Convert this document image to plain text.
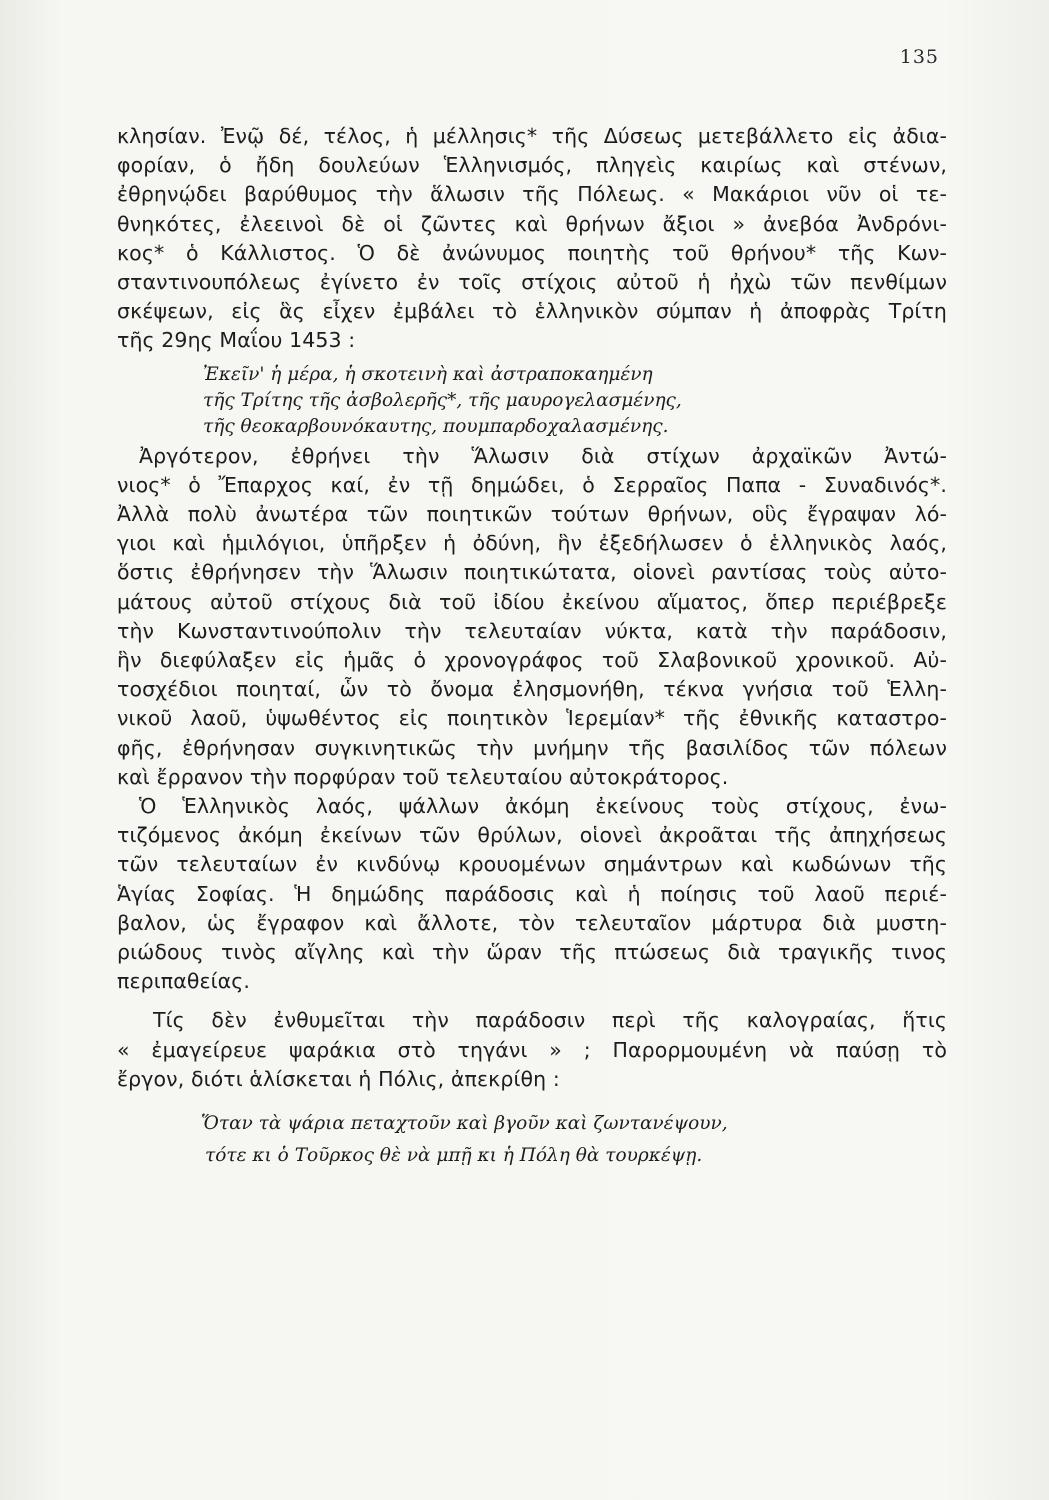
135
κλησίαν. Ἐνῷ δέ, τέλος, ἡ μέλλησις* τῆς Δύσεως μετεβάλλετο εἰς ἀδια-
φορίαν, ὁ ἤδη δουλεύων Ἑλληνισμός, πληγεὶς καιρίως καὶ στένων,
ἐθρηνῴδει βαρύθυμος τὴν ἅλωσιν τῆς Πόλεως. « Μακάριοι νῦν οἱ τε-
θνηκότες, ἐλεεινοὶ δὲ οἱ ζῶντες καὶ θρήνων ἄξιοι » ἀνεβόα Ἀνδρόνι-
κος* ὁ Κάλλιστος. Ὁ δὲ ἀνώνυμος ποιητὴς τοῦ θρήνου* τῆς Κων-
σταντινουπόλεως ἐγίνετο ἐν τοῖς στίχοις αὐτοῦ ἡ ἠχὼ τῶν πενθίμων
σκέψεων, εἰς ἃς εἶχεν ἐμβάλει τὸ ἑλληνικὸν σύμπαν ἡ ἀποφρὰς Τρίτη
τῆς 29ης Μαΐου 1453 :
Ἐκεῖν' ἡ μέρα, ἡ σκοτεινὴ καὶ ἀστραποκαημένη
τῆς Τρίτης τῆς ἀσβολερῆς*, τῆς μαυρογελασμένης,
τῆς θεοκαρβουνόκαυτης, πουμπαρδοχαλασμένης.
Ἀργότερον, ἐθρήνει τὴν Ἅλωσιν διὰ στίχων ἀρχαϊκῶν Ἀντώ-
νιος* ὁ Ἔπαρχος καί, ἐν τῇ δημώδει, ὁ Σερραῖος Παπα - Συναδινός*.
Ἀλλὰ πολὺ ἀνωτέρα τῶν ποιητικῶν τούτων θρήνων, οὓς ἔγραψαν λό-
γιοι καὶ ἡμιλόγιοι, ὑπῆρξεν ἡ ὀδύνη, ἣν ἐξεδήλωσεν ὁ ἑλληνικὸς λαός,
ὅστις ἐθρήνησεν τὴν Ἅλωσιν ποιητικώτατα, οἱονεὶ ραντίσας τοὺς αὐτο-
μάτους αὐτοῦ στίχους διὰ τοῦ ἰδίου ἐκείνου αἵματος, ὅπερ περιέβρεξε
τὴν Κωνσταντινούπολιν τὴν τελευταίαν νύκτα, κατὰ τὴν παράδοσιν,
ἣν διεφύλαξεν εἰς ἡμᾶς ὁ χρονογράφος τοῦ Σλαβονικοῦ χρονικοῦ. Αὐ-
τοσχέδιοι ποιηταί, ὧν τὸ ὄνομα ἐλησμονήθη, τέκνα γνήσια τοῦ Ἑλλη-
νικοῦ λαοῦ, ὑψωθέντος εἰς ποιητικὸν Ἱερεμίαν* τῆς ἐθνικῆς καταστρο-
φῆς, ἐθρήνησαν συγκινητικῶς τὴν μνήμην τῆς βασιλίδος τῶν πόλεων
καὶ ἔρρανον τὴν πορφύραν τοῦ τελευταίου αὐτοκράτορος.
Ὁ Ἑλληνικὸς λαός, ψάλλων ἀκόμη ἐκείνους τοὺς στίχους, ἐνω-
τιζόμενος ἀκόμη ἐκείνων τῶν θρύλων, οἱονεὶ ἀκροᾶται τῆς ἀπηχήσεως
τῶν τελευταίων ἐν κινδύνῳ κρουομένων σημάντρων καὶ κωδώνων τῆς
Ἁγίας Σοφίας. Ἡ δημώδης παράδοσις καὶ ἡ ποίησις τοῦ λαοῦ περιέ-
βαλον, ὡς ἔγραφον καὶ ἄλλοτε, τὸν τελευταῖον μάρτυρα διὰ μυστη-
ριώδους τινὸς αἴγλης καὶ τὴν ὥραν τῆς πτώσεως διὰ τραγικῆς τινος
περιπαθείας.
Τίς δὲν ἐνθυμεῖται τὴν παράδοσιν περὶ τῆς καλογραίας, ἥτις
« ἐμαγείρευε ψαράκια στὸ τηγάνι » ; Παρορμουμένη νὰ παύσῃ τὸ
ἔργον, διότι ἁλίσκεται ἡ Πόλις, ἀπεκρίθη :
Ὅταν τὰ ψάρια πεταχτοῦν καὶ βγοῦν καὶ ζωντανέψουν,
τότε κι ὁ Τοῦρκος θὲ νὰ μπῇ κι ἡ Πόλη θὰ τουρκέψῃ.
